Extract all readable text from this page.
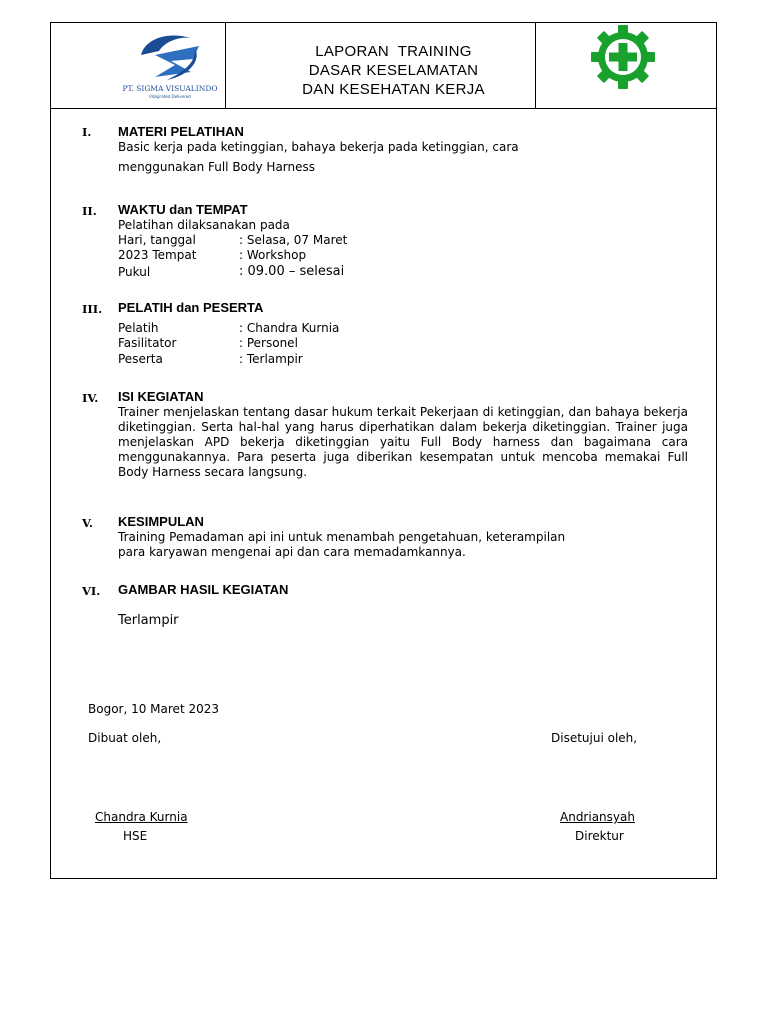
PT. SIGMA VISUALINDO
Integrated Delivered
LAPORAN  TRAINING
DASAR KESELAMATAN
DAN KESEHATAN KERJA
I. MATERI PELATIHAN
Basic kerja pada ketinggian, bahaya bekerja pada ketinggian, cara
menggunakan Full Body Harness
II. WAKTU dan TEMPAT
Pelatihan dilaksanakan pada
Hari, tanggal	: Selasa, 07 Maret
2023 Tempat	: Workshop
Pukul	: 09.00 – selesai
III. PELATIH dan PESERTA
Pelatih	: Chandra Kurnia
Fasilitator	: Personel
Peserta	: Terlampir
IV. ISI KEGIATAN
Trainer menjelaskan tentang dasar hukum terkait Pekerjaan di ketinggian, dan bahaya bekerja diketinggian. Serta hal-hal yang harus diperhatikan dalam bekerja diketinggian. Trainer juga menjelaskan APD bekerja diketinggian yaitu Full Body harness dan bagaimana cara menggunakannya. Para peserta juga diberikan kesempatan untuk mencoba memakai Full Body Harness secara langsung.
V. KESIMPULAN
Training Pemadaman api ini untuk menambah pengetahuan, keterampilan
para karyawan mengenai api dan cara memadamkannya.
VI. GAMBAR HASIL KEGIATAN
Terlampir
Bogor, 10 Maret 2023
Dibuat oleh,	Disetujui oleh,
Chandra Kurnia
HSE
Andriansyah
Direktur
